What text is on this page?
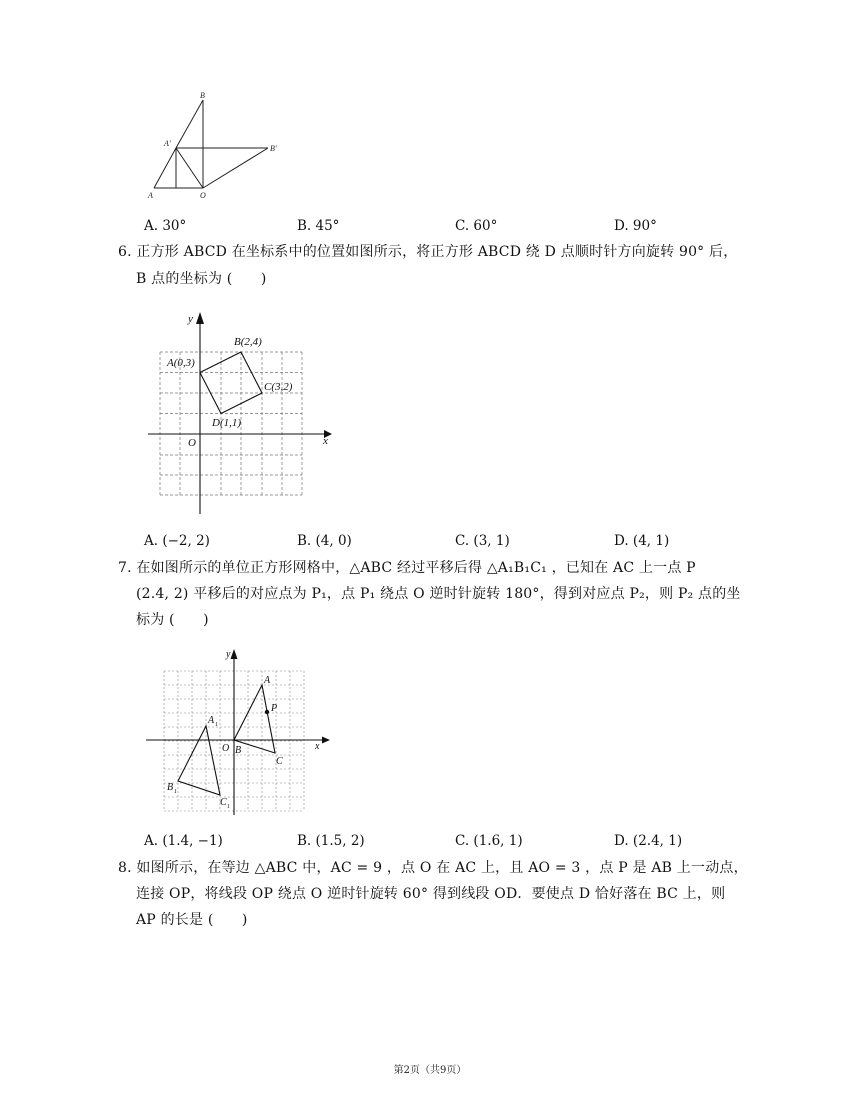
B
A'
B'
A	O
A. 30°	B. 45°	C. 60°	D. 90°
6. 正方形 ABCD 在坐标系中的位置如图所示，将正方形 ABCD 绕 D 点顺时针方向旋转 90° 后，
B 点的坐标为 (　　)
x
y
O
A(0,3)
B(2,4)
C(3,2)
D(1,1)
A. (−2, 2)	B. (4, 0)	C. (3, 1)	D. (4, 1)
7. 在如图所示的单位正方形网格中，△ABC 经过平移后得 △A₁B₁C₁ ，已知在 AC 上一点 P
(2.4, 2) 平移后的对应点为 P₁，点 P₁ 绕点 O 逆时针旋转 180°，得到对应点 P₂，则 P₂ 点的坐
标为 (　　)
x
y
O
A
P
B
C
A 1
B 1
C 1
A. (1.4, −1)	B. (1.5, 2)	C. (1.6, 1)	D. (2.4, 1)
8. 如图所示，在等边 △ABC 中，AC = 9 ，点 O 在 AC 上，且 AO = 3 ，点 P 是 AB 上一动点，
连接 OP，将线段 OP 绕点 O 逆时针旋转 60° 得到线段 OD．要使点 D 恰好落在 BC 上，则
AP 的长是 (　　)
第2页（共9页）
